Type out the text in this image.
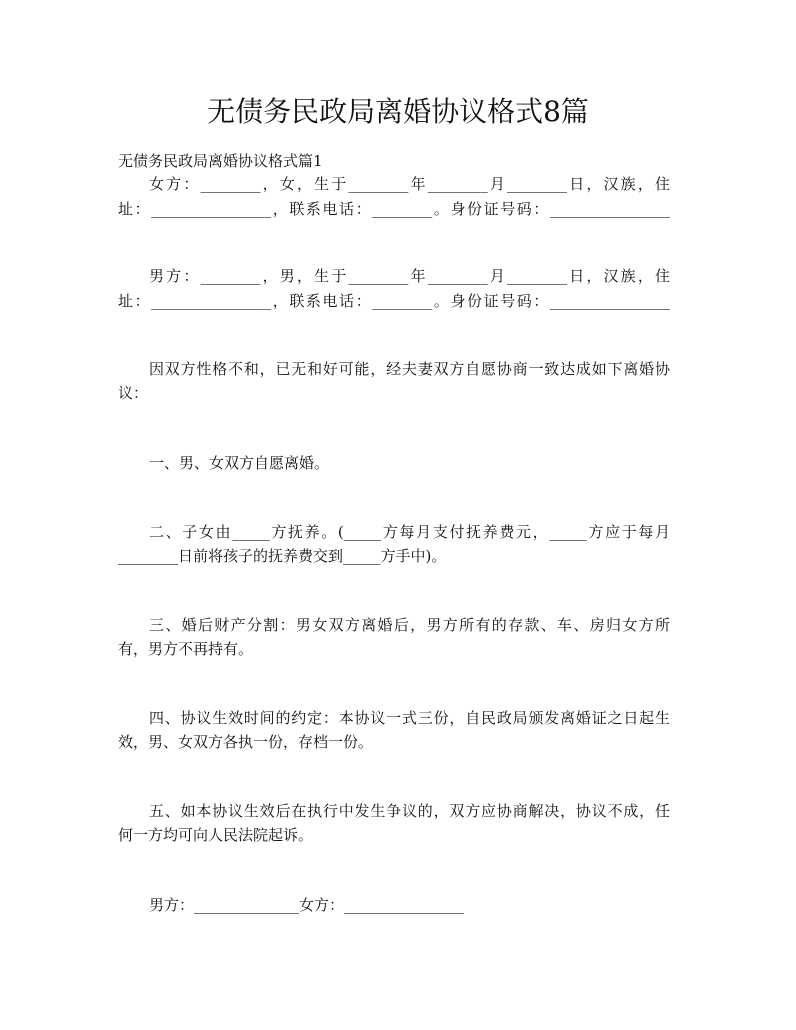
无债务民政局离婚协议格式8篇

无债务民政局离婚协议格式篇1

女方：________，女，生于________年________月________日，汉族，住

址：________________，联系电话：________。身份证号码：________________

男方：________，男，生于________年________月________日，汉族，住

址：________________，联系电话：________。身份证号码：________________

因双方性格不和，已无和好可能，经夫妻双方自愿协商一致达成如下离婚协

议：

一、男、女双方自愿离婚。

二、子女由_____方抚养。(_____方每月支付抚养费元，_____方应于每月

________日前将孩子的抚养费交到_____方手中)。

三、婚后财产分割：男女双方离婚后，男方所有的存款、车、房归女方所

有，男方不再持有。

四、协议生效时间的约定：本协议一式三份，自民政局颁发离婚证之日起生

效，男、女双方各执一份，存档一份。

五、如本协议生效后在执行中发生争议的，双方应协商解决，协议不成，任

何一方均可向人民法院起诉。

男方：______________女方：________________
